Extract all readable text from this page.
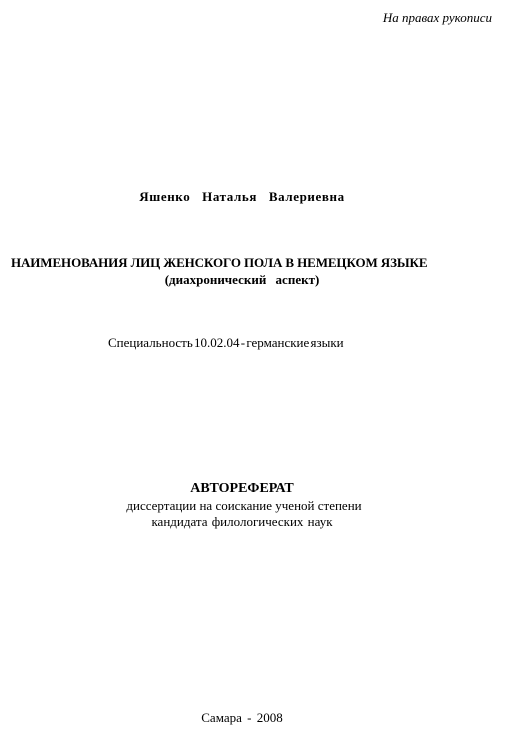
На правах рукописи
Яшенко Наталья Валериевна
НАИМЕНОВАНИЯ ЛИЦ ЖЕНСКОГО ПОЛА В НЕМЕЦКОМ ЯЗЫКЕ
(диахронический аспект)
Специальность 10.02.04 - германские языки
АВТОРЕФЕРАТ
диссертации на соискание ученой степени
кандидата филологических наук
Самара - 2008
